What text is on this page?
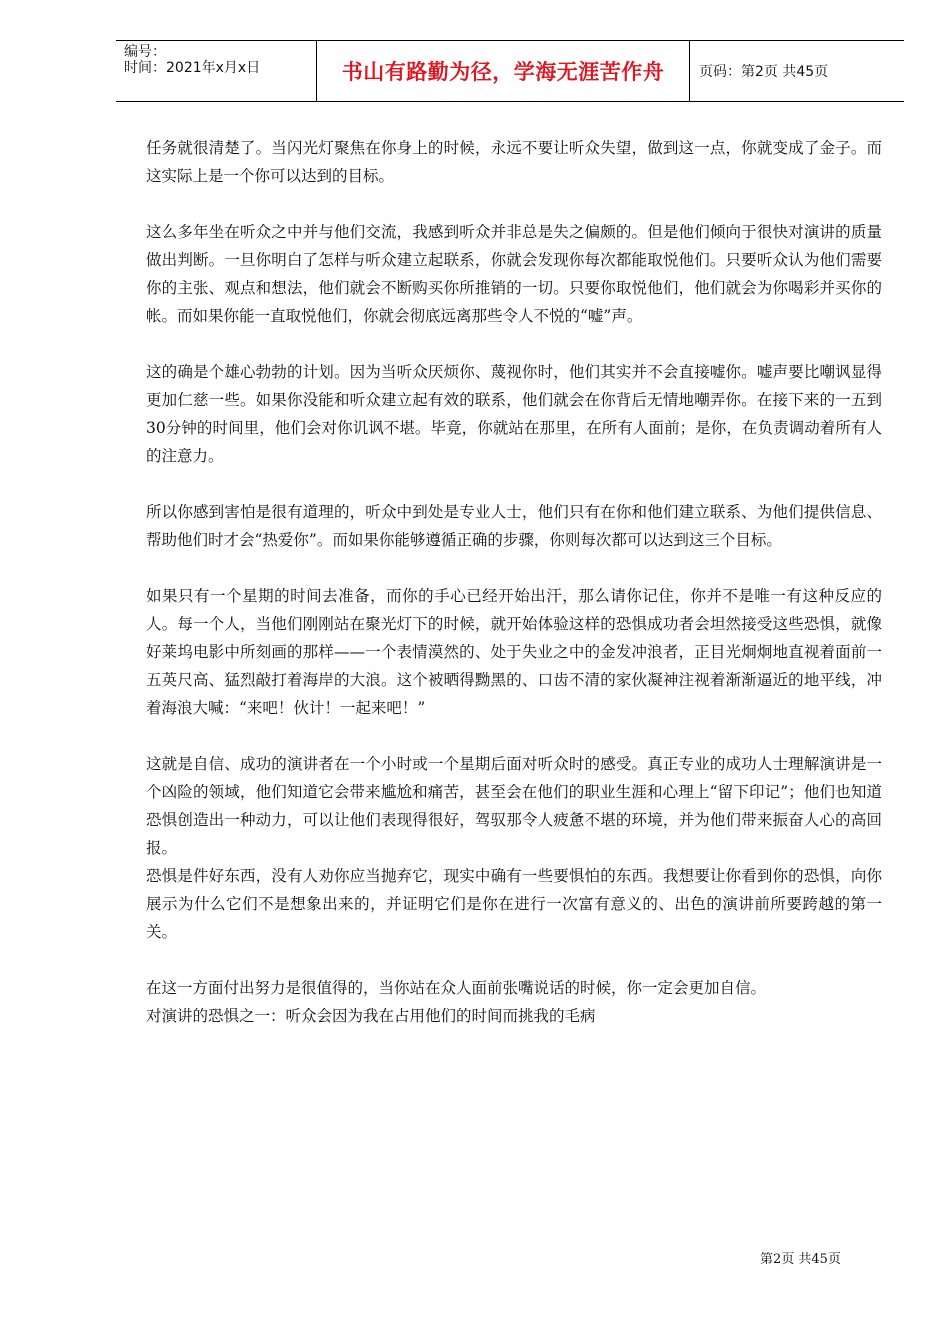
编号：
时间：2021年x月x日	书山有路勤为径，学海无涯苦作舟	页码：第2页 共45页

任务就很清楚了。当闪光灯聚焦在你身上的时候，永远不要让听众失望，做到这一点，你就变成了金子。而这实际上是一个你可以达到的目标。

这么多年坐在听众之中并与他们交流，我感到听众并非总是失之偏颇的。但是他们倾向于很快对演讲的质量做出判断。一旦你明白了怎样与听众建立起联系，你就会发现你每次都能取悦他们。只要听众认为他们需要你的主张、观点和想法，他们就会不断购买你所推销的一切。只要你取悦他们，他们就会为你喝彩并买你的帐。而如果你能一直取悦他们，你就会彻底远离那些令人不悦的“嘘”声。

这的确是个雄心勃勃的计划。因为当听众厌烦你、蔑视你时，他们其实并不会直接嘘你。嘘声要比嘲讽显得更加仁慈一些。如果你没能和听众建立起有效的联系，他们就会在你背后无情地嘲弄你。在接下来的一五到30分钟的时间里，他们会对你讥讽不堪。毕竟，你就站在那里，在所有人面前；是你，在负责调动着所有人的注意力。

所以你感到害怕是很有道理的，听众中到处是专业人士，他们只有在你和他们建立联系、为他们提供信息、帮助他们时才会“热爱你”。而如果你能够遵循正确的步骤，你则每次都可以达到这三个目标。

如果只有一个星期的时间去准备，而你的手心已经开始出汗，那么请你记住，你并不是唯一有这种反应的人。每一个人，当他们刚刚站在聚光灯下的时候，就开始体验这样的恐惧成功者会坦然接受这些恐惧，就像好莱坞电影中所刻画的那样——一个表情漠然的、处于失业之中的金发冲浪者，正目光炯炯地直视着面前一五英尺高、猛烈敲打着海岸的大浪。这个被晒得黝黑的、口齿不清的家伙凝神注视着渐渐逼近的地平线，冲着海浪大喊：“来吧！伙计！一起来吧！”

这就是自信、成功的演讲者在一个小时或一个星期后面对听众时的感受。真正专业的成功人士理解演讲是一个凶险的领域，他们知道它会带来尴尬和痛苦，甚至会在他们的职业生涯和心理上“留下印记”；他们也知道恐惧创造出一种动力，可以让他们表现得很好，驾驭那令人疲惫不堪的环境，并为他们带来振奋人心的高回报。

恐惧是件好东西，没有人劝你应当抛弃它，现实中确有一些要惧怕的东西。我想要让你看到你的恐惧，向你展示为什么它们不是想象出来的，并证明它们是你在进行一次富有意义的、出色的演讲前所要跨越的第一关。

在这一方面付出努力是很值得的，当你站在众人面前张嘴说话的时候，你一定会更加自信。

对演讲的恐惧之一：听众会因为我在占用他们的时间而挑我的毛病

第2页 共45页
